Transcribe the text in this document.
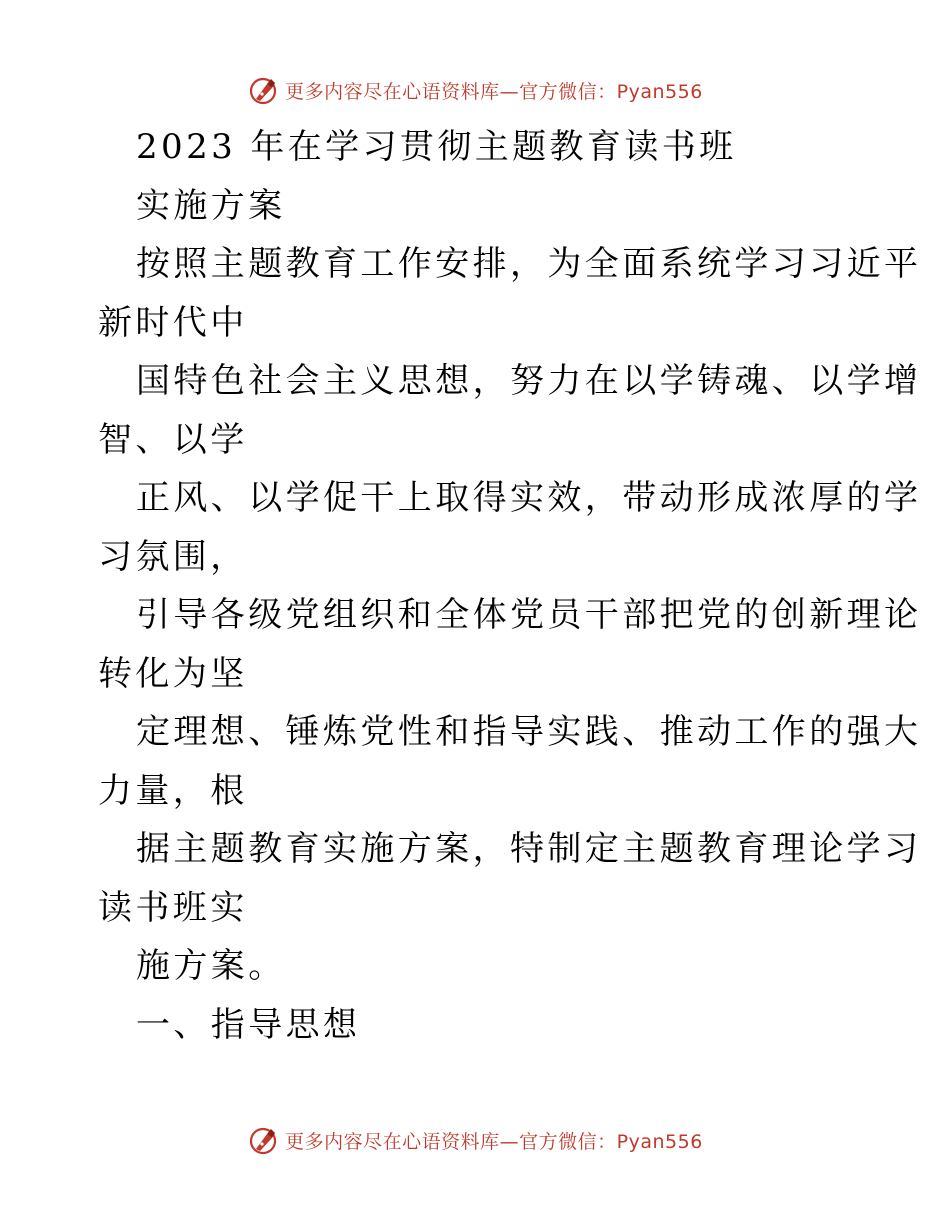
更多内容尽在心语资料库—官方微信：Pyan556
2023 年在学习贯彻主题教育读书班
实施方案
按照主题教育工作安排，为全面系统学习习近平
新时代中
国特色社会主义思想，努力在以学铸魂、以学增
智、以学
正风、以学促干上取得实效，带动形成浓厚的学
习氛围，
引导各级党组织和全体党员干部把党的创新理论
转化为坚
定理想、锤炼党性和指导实践、推动工作的强大
力量，根
据主题教育实施方案，特制定主题教育理论学习
读书班实
施方案。
一、指导思想
更多内容尽在心语资料库—官方微信：Pyan556
